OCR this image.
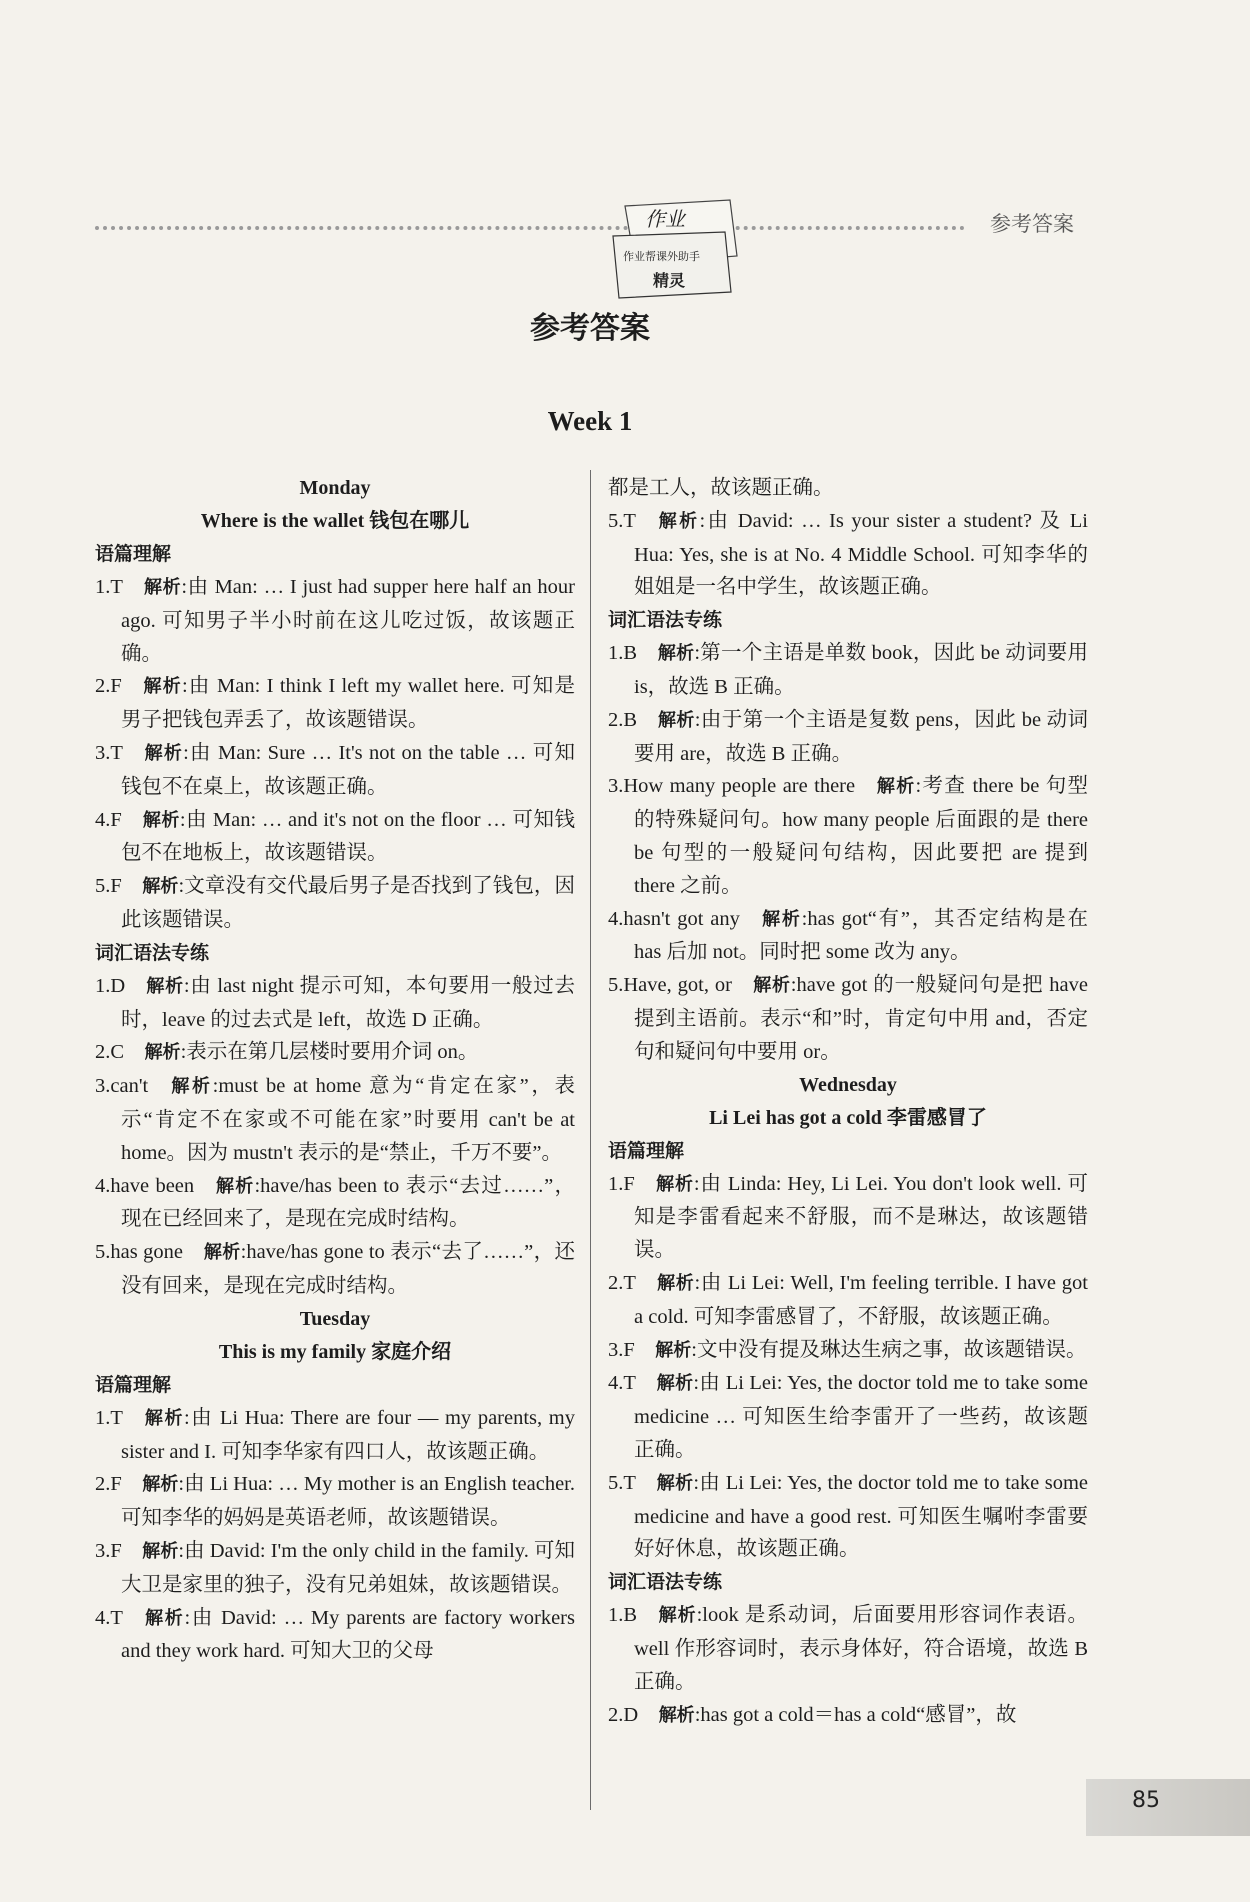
参考答案
作业
作业帮课外助手
精灵
参考答案
Week 1
Monday
Where is the wallet 钱包在哪儿
语篇理解
1.T  解析:由 Man: … I just had supper here half an hour ago. 可知男子半小时前在这儿吃过饭，故该题正确。
2.F  解析:由 Man: I think I left my wallet here. 可知是男子把钱包弄丢了，故该题错误。
3.T  解析:由 Man: Sure … It's not on the table … 可知钱包不在桌上，故该题正确。
4.F  解析:由 Man: … and it's not on the floor … 可知钱包不在地板上，故该题错误。
5.F  解析:文章没有交代最后男子是否找到了钱包，因此该题错误。
词汇语法专练
1.D  解析:由 last night 提示可知，本句要用一般过去时，leave 的过去式是 left，故选 D 正确。
2.C  解析:表示在第几层楼时要用介词 on。
3.can't  解析:must be at home 意为“肯定在家”，表示“肯定不在家或不可能在家”时要用 can't be at home。因为 mustn't 表示的是“禁止，千万不要”。
4.have been  解析:have/has been to 表示“去过……”，现在已经回来了，是现在完成时结构。
5.has gone  解析:have/has gone to 表示“去了……”，还没有回来，是现在完成时结构。
Tuesday
This is my family 家庭介绍
语篇理解
1.T  解析:由 Li Hua: There are four — my parents, my sister and I. 可知李华家有四口人，故该题正确。
2.F  解析:由 Li Hua: … My mother is an English teacher. 可知李华的妈妈是英语老师，故该题错误。
3.F  解析:由 David: I'm the only child in the family. 可知大卫是家里的独子，没有兄弟姐妹，故该题错误。
4.T  解析:由 David: … My parents are factory workers and they work hard. 可知大卫的父母
都是工人，故该题正确。
5.T  解析:由 David: … Is your sister a student? 及 Li Hua: Yes, she is at No. 4 Middle School. 可知李华的姐姐是一名中学生，故该题正确。
词汇语法专练
1.B  解析:第一个主语是单数 book，因此 be 动词要用 is，故选 B 正确。
2.B  解析:由于第一个主语是复数 pens，因此 be 动词要用 are，故选 B 正确。
3.How many people are there  解析:考查 there be 句型的特殊疑问句。how many people 后面跟的是 there be 句型的一般疑问句结构，因此要把 are 提到 there 之前。
4.hasn't got any  解析:has got“有”，其否定结构是在 has 后加 not。同时把 some 改为 any。
5.Have, got, or  解析:have got 的一般疑问句是把 have 提到主语前。表示“和”时，肯定句中用 and，否定句和疑问句中要用 or。
Wednesday
Li Lei has got a cold 李雷感冒了
语篇理解
1.F  解析:由 Linda: Hey, Li Lei. You don't look well. 可知是李雷看起来不舒服，而不是琳达，故该题错误。
2.T  解析:由 Li Lei: Well, I'm feeling terrible. I have got a cold. 可知李雷感冒了，不舒服，故该题正确。
3.F  解析:文中没有提及琳达生病之事，故该题错误。
4.T  解析:由 Li Lei: Yes, the doctor told me to take some medicine … 可知医生给李雷开了一些药，故该题正确。
5.T  解析:由 Li Lei: Yes, the doctor told me to take some medicine and have a good rest. 可知医生嘱咐李雷要好好休息，故该题正确。
词汇语法专练
1.B  解析:look 是系动词，后面要用形容词作表语。well 作形容词时，表示身体好，符合语境，故选 B 正确。
2.D  解析:has got a cold＝has a cold“感冒”，故
85
